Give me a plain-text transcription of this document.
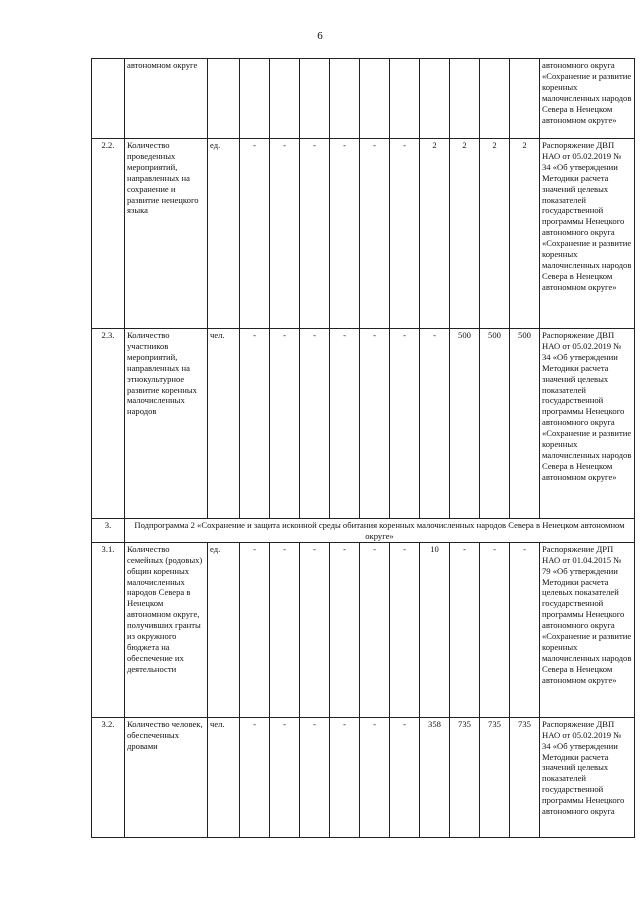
6
	автономном округе												автономного округа «Сохранение и развитие коренных малочисленных народов Севера в Ненецком автономном округе»
2.2.	Количество проведенных мероприятий, направленных на сохранение и развитие ненецкого языка	ед.	-	-	-	-	-	-	2	2	2	2	Распоряжение ДВП НАО от 05.02.2019 № 34 «Об утверждении Методики расчета значений целевых показателей государственной программы Ненецкого автономного округа «Сохранение и развитие коренных малочисленных народов Севера в Ненецком автономном округе»
2.3.	Количество участников мероприятий, направленных на этнокультурное развитие коренных малочисленных народов	чел.	-	-	-	-	-	-	-	500	500	500	Распоряжение ДВП НАО от 05.02.2019 № 34 «Об утверждении Методики расчета значений целевых показателей государственной программы Ненецкого автономного округа «Сохранение и развитие коренных малочисленных народов Севера в Ненецком автономном округе»
3.	Подпрограмма 2 «Сохранение и защита исконной среды обитания коренных малочисленных народов Севера в Ненецком автономном округе»												

3.1.	Количество семейных (родовых) общин коренных малочисленных народов Севера в Ненецком автономном округе, получивших гранты из окружного бюджета на обеспечение их деятельности	ед.	-	-	-	-	-	-	10	-	-	-	Распоряжение ДРП НАО от 01.04.2015 № 79 «Об утверждении Методики расчета целевых показателей государственной программы Ненецкого автономного округа «Сохранение и развитие коренных малочисленных народов Севера в Ненецком автономном округе»
3.2.	Количество человек, обеспеченных дровами	чел.	-	-	-	-	-	-	358	735	735	735	Распоряжение ДВП НАО от 05.02.2019 № 34 «Об утверждении Методики расчета значений целевых показателей государственной программы Ненецкого автономного округа
